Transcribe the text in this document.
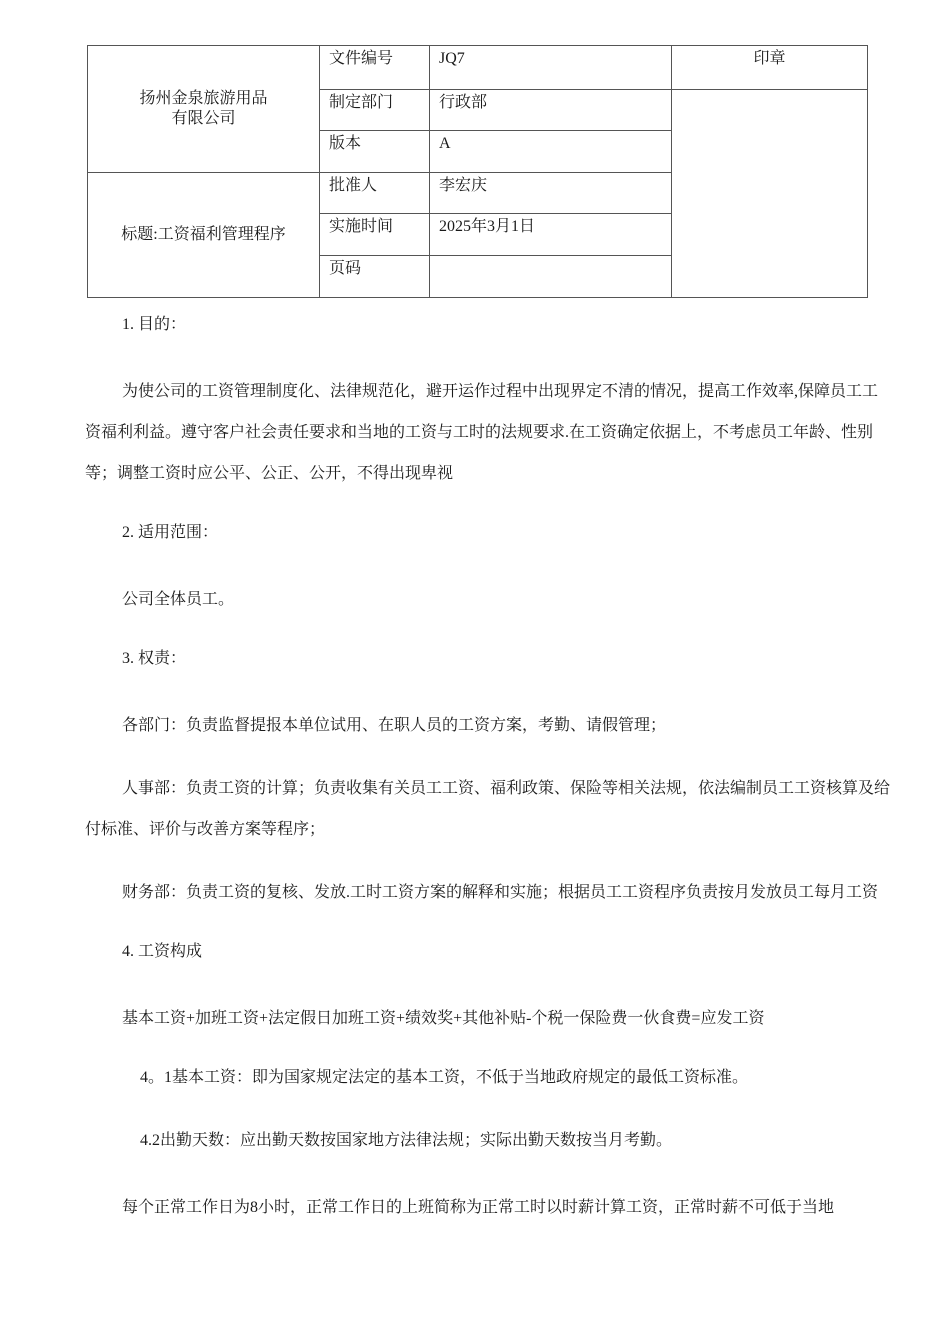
扬州金泉旅游用品
有限公司	文件编号	JQ7	印章
	制定部门	行政部	
	版本	A	
标题:工资福利管理程序	批准人	李宏庆	
	实施时间	2025年3月1日	
	页码		

1. 目的：

为使公司的工资管理制度化、法律规范化，避开运作过程中出现界定不清的情况，提高工作效率,保障员工工资福利利益。遵守客户社会责任要求和当地的工资与工时的法规要求.在工资确定依据上，不考虑员工年龄、性别等；调整工资时应公平、公正、公开，不得出现卑视

2. 适用范围：

公司全体员工。

3. 权责：

各部门：负责监督提报本单位试用、在职人员的工资方案，考勤、请假管理；

人事部：负责工资的计算；负责收集有关员工工资、福利政策、保险等相关法规，依法编制员工工资核算及给付标准、评价与改善方案等程序；

财务部：负责工资的复核、发放.工时工资方案的解释和实施；根据员工工资程序负责按月发放员工每月工资

4. 工资构成

基本工资+加班工资+法定假日加班工资+绩效奖+其他补贴-个税一保险费一伙食费=应发工资

4。1基本工资：即为国家规定法定的基本工资，不低于当地政府规定的最低工资标准。

4.2出勤天数：应出勤天数按国家地方法律法规；实际出勤天数按当月考勤。

每个正常工作日为8小时，正常工作日的上班简称为正常工时以时薪计算工资，正常时薪不可低于当地
